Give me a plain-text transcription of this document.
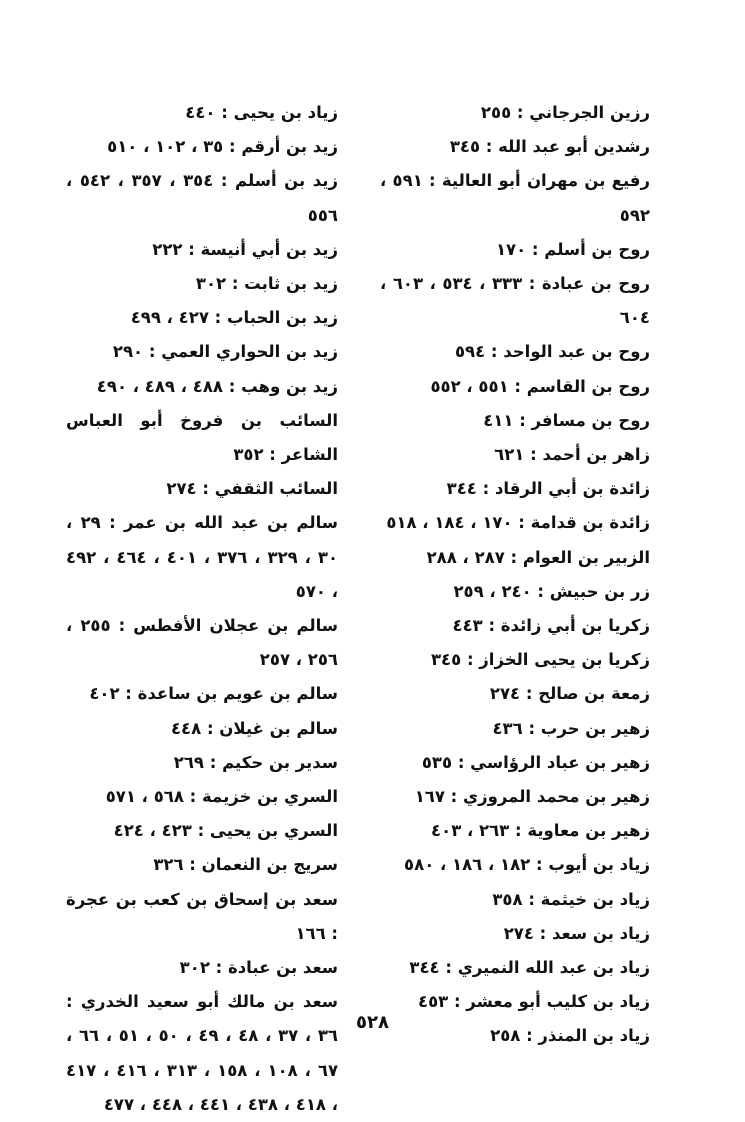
رزين الجرجاني : ٢٥٥
رشدين أبو عبد الله : ٣٤٥
رفيع بن مهران أبو العالية : ٥٩١ ، ٥٩٢
روح بن أسلم : ١٧٠
روح بن عبادة : ٣٣٣ ، ٥٣٤ ، ٦٠٣ ، ٦٠٤
روح بن عبد الواحد : ٥٩٤
روح بن القاسم : ٥٥١ ، ٥٥٢
روح بن مسافر : ٤١١
زاهر بن أحمد : ٦٢١
زائدة بن أبي الرقاد : ٣٤٤
زائدة بن قدامة : ١٧٠ ، ١٨٤ ، ٥١٨
الزبير بن العوام : ٢٨٧ ، ٢٨٨
زر بن حبيش : ٢٤٠ ، ٢٥٩
زكريا بن أبي زائدة : ٤٤٣
زكريا بن يحيى الخزاز : ٣٤٥
زمعة بن صالح : ٢٧٤
زهير بن حرب : ٤٣٦
زهير بن عباد الرؤاسي : ٥٣٥
زهير بن محمد المروزي : ١٦٧
زهير بن معاوية : ٢٦٣ ، ٤٠٣
زياد بن أيوب : ١٨٢ ، ١٨٦ ، ٥٨٠
زياد بن خيثمة : ٣٥٨
زياد بن سعد : ٢٧٤
زياد بن عبد الله النميري : ٣٤٤
زياد بن كليب أبو معشر : ٤٥٣
زياد بن المنذر : ٢٥٨
زياد بن يحيى : ٤٤٠
زيد بن أرقم : ٣٥ ، ١٠٢ ، ٥١٠
زيد بن أسلم : ٣٥٤ ، ٣٥٧ ، ٥٤٢ ، ٥٥٦
زيد بن أبي أنيسة : ٢٢٢
زيد بن ثابت : ٣٠٢
زيد بن الحباب : ٤٢٧ ، ٤٩٩
زيد بن الحواري العمي : ٢٩٠
زيد بن وهب : ٤٨٨ ، ٤٨٩ ، ٤٩٠
السائب بن فروخ أبو العباس الشاعر : ٣٥٢
السائب الثقفي : ٢٧٤
سالم بن عبد الله بن عمر : ٢٩ ، ٣٠ ، ٣٢٩ ، ٣٧٦ ، ٤٠١ ، ٤٦٤ ، ٤٩٢ ، ٥٧٠
سالم بن عجلان الأفطس : ٢٥٥ ، ٢٥٦ ، ٢٥٧
سالم بن عويم بن ساعدة : ٤٠٢
سالم بن غيلان : ٤٤٨
سدير بن حكيم : ٢٦٩
السري بن خزيمة : ٥٦٨ ، ٥٧١
السري بن يحيى : ٤٢٣ ، ٤٢٤
سريج بن النعمان : ٣٢٦
سعد بن إسحاق بن كعب بن عجرة : ١٦٦
سعد بن عبادة : ٣٠٢
سعد بن مالك أبو سعيد الخدري : ٣٦ ، ٣٧ ، ٤٨ ، ٤٩ ، ٥٠ ، ٥١ ، ٦٦ ، ٦٧ ، ١٠٨ ، ١٥٨ ، ٣١٣ ، ٤١٦ ، ٤١٧ ، ٤١٨ ، ٤٣٨ ، ٤٤١ ، ٤٤٨ ، ٤٧٧
٥٢٨
